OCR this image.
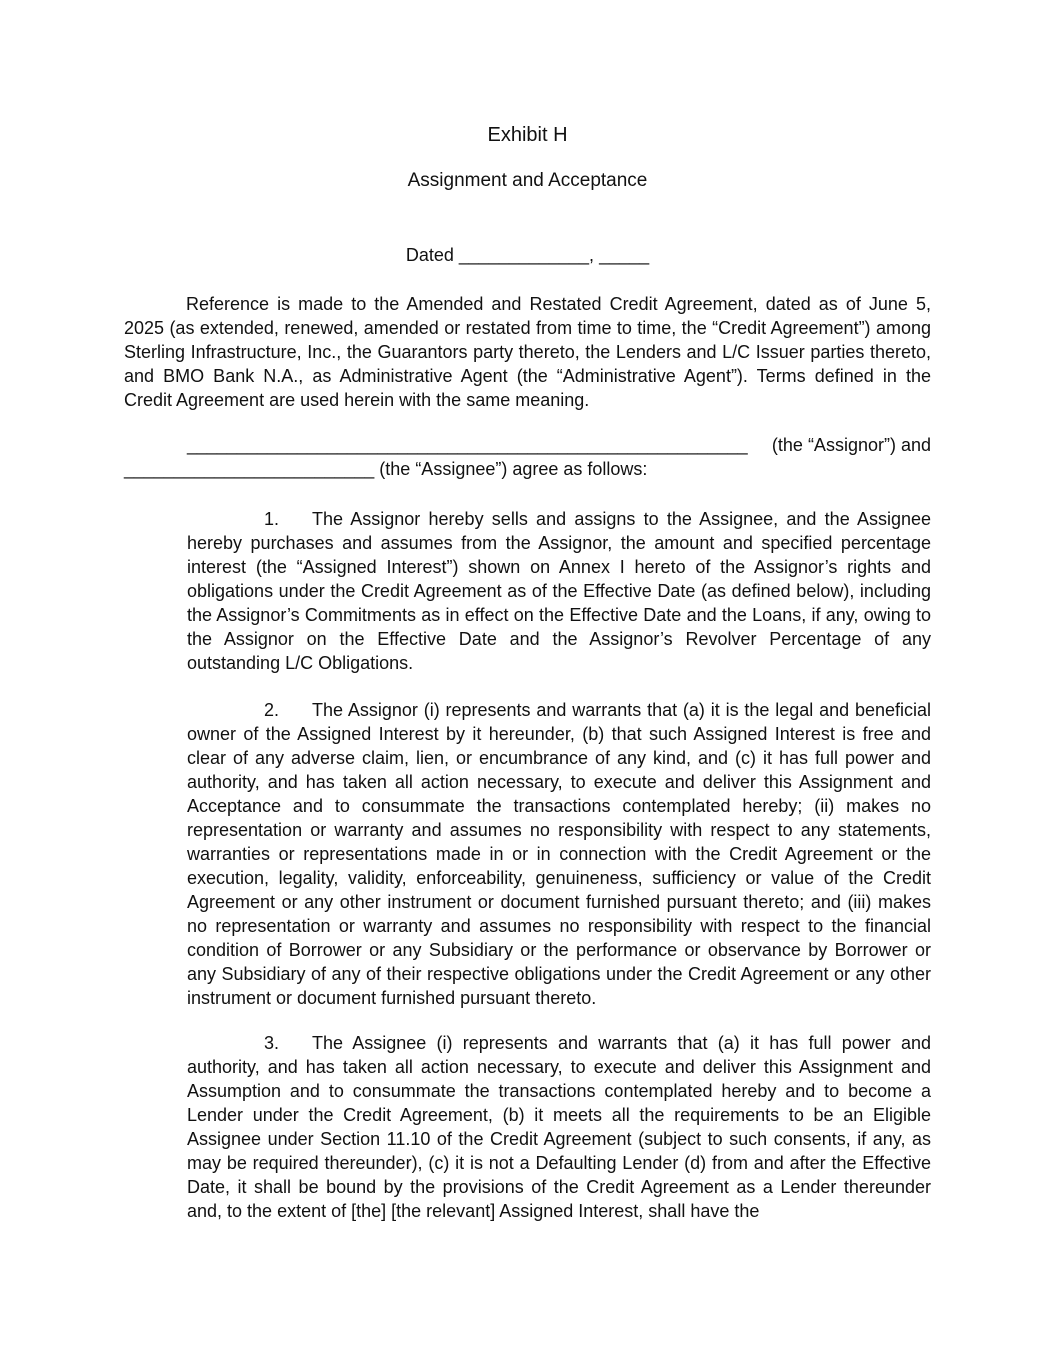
Exhibit H
Assignment and Acceptance
Dated _____________, _____

Reference is made to the Amended and Restated Credit Agreement, dated as of June 5, 2025 (as extended, renewed, amended or restated from time to time, the “Credit Agreement”) among Sterling Infrastructure, Inc., the Guarantors party thereto, the Lenders and L/C Issuer parties thereto, and BMO Bank N.A., as Administrative Agent (the “Administrative Agent”). Terms defined in the Credit Agreement are used herein with the same meaning.

________________________________________________________ (the “Assignor”) and
_________________________ (the “Assignee”) agree as follows:

1. The Assignor hereby sells and assigns to the Assignee, and the Assignee hereby purchases and assumes from the Assignor, the amount and specified percentage interest (the “Assigned Interest”) shown on Annex I hereto of the Assignor’s rights and obligations under the Credit Agreement as of the Effective Date (as defined below), including the Assignor’s Commitments as in effect on the Effective Date and the Loans, if any, owing to the Assignor on the Effective Date and the Assignor’s Revolver Percentage of any outstanding L/C Obligations.

2. The Assignor (i) represents and warrants that (a) it is the legal and beneficial owner of the Assigned Interest by it hereunder, (b) that such Assigned Interest is free and clear of any adverse claim, lien, or encumbrance of any kind, and (c) it has full power and authority, and has taken all action necessary, to execute and deliver this Assignment and Acceptance and to consummate the transactions contemplated hereby; (ii) makes no representation or warranty and assumes no responsibility with respect to any statements, warranties or representations made in or in connection with the Credit Agreement or the execution, legality, validity, enforceability, genuineness, sufficiency or value of the Credit Agreement or any other instrument or document furnished pursuant thereto; and (iii) makes no representation or warranty and assumes no responsibility with respect to the financial condition of Borrower or any Subsidiary or the performance or observance by Borrower or any Subsidiary of any of their respective obligations under the Credit Agreement or any other instrument or document furnished pursuant thereto.

3. The Assignee (i) represents and warrants that (a) it has full power and authority, and has taken all action necessary, to execute and deliver this Assignment and Assumption and to consummate the transactions contemplated hereby and to become a Lender under the Credit Agreement, (b) it meets all the requirements to be an Eligible Assignee under Section 11.10 of the Credit Agreement (subject to such consents, if any, as may be required thereunder), (c) it is not a Defaulting Lender (d) from and after the Effective Date, it shall be bound by the provisions of the Credit Agreement as a Lender thereunder and, to the extent of [the] [the relevant] Assigned Interest, shall have the
